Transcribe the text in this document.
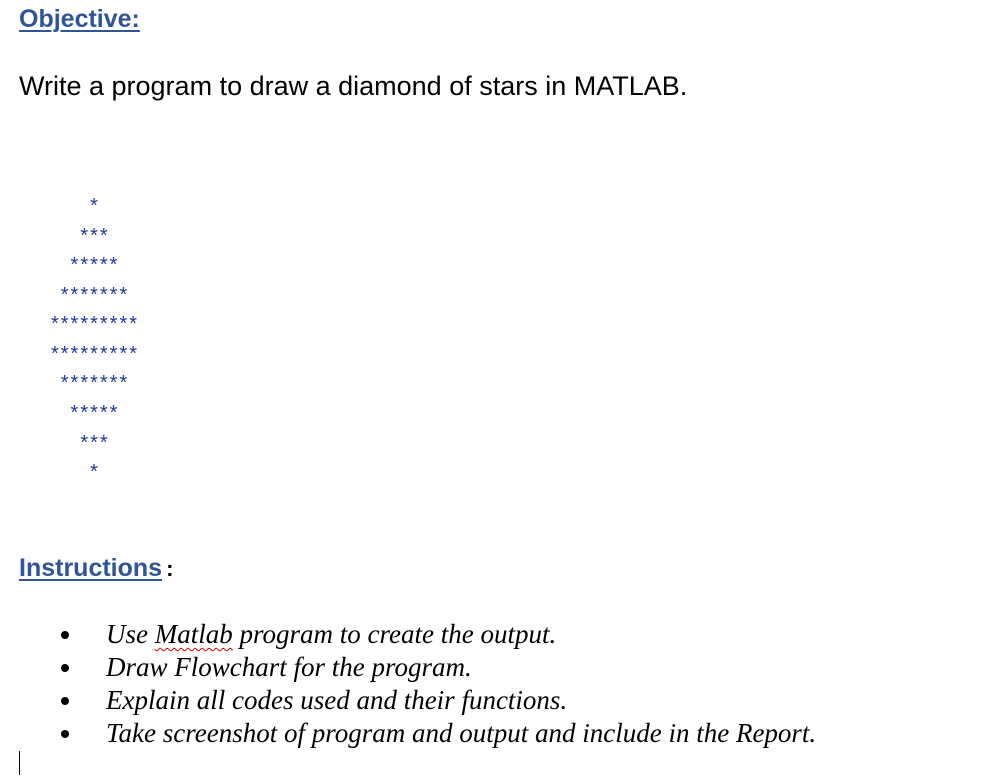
Objective:

Write a program to draw a diamond of stars in MATLAB.

*
***
*****
*******
*********
*********
*******
*****
***
*
Instructions :
Use Matlab program to create the output.
Draw Flowchart for the program.
Explain all codes used and their functions.
Take screenshot of program and output and include in the Report.
